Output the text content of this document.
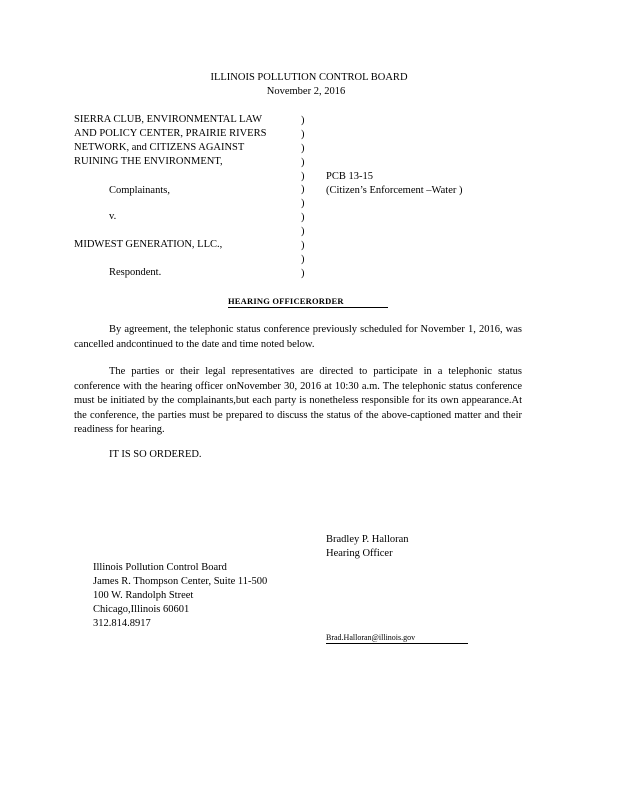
ILLINOIS POLLUTION CONTROL BOARD
November 2, 2016
SIERRA CLUB, ENVIRONMENTAL LAW
AND POLICY CENTER, PRAIRIE RIVERS
NETWORK, and CITIZENS AGAINST
RUINING THE ENVIRONMENT,
Complainants,
v.
MIDWEST GENERATION, LLC.,
Respondent.
)
)
)
)
)
)
)
)
)
)
)
)
PCB 13-15
(Citizen’s Enforcement –Water )
HEARING OFFICERORDER
By agreement, the telephonic status conference previously scheduled for November 1, 2016, was cancelled andcontinued to the date and time noted below.
The parties or their legal representatives are directed to participate in a telephonic status conference with the hearing officer onNovember 30, 2016 at 10:30 a.m. The telephonic status conference must be initiated by the complainants,but each party is nonetheless responsible for its own appearance.At the conference, the parties must be prepared to discuss the status of the above-captioned matter and their readiness for hearing.
IT IS SO ORDERED.
Bradley P. Halloran
Hearing Officer
Illinois Pollution Control Board
James R. Thompson Center, Suite 11-500
100 W. Randolph Street
Chicago,Illinois 60601
312.814.8917
Brad.Halloran@illinois.gov
